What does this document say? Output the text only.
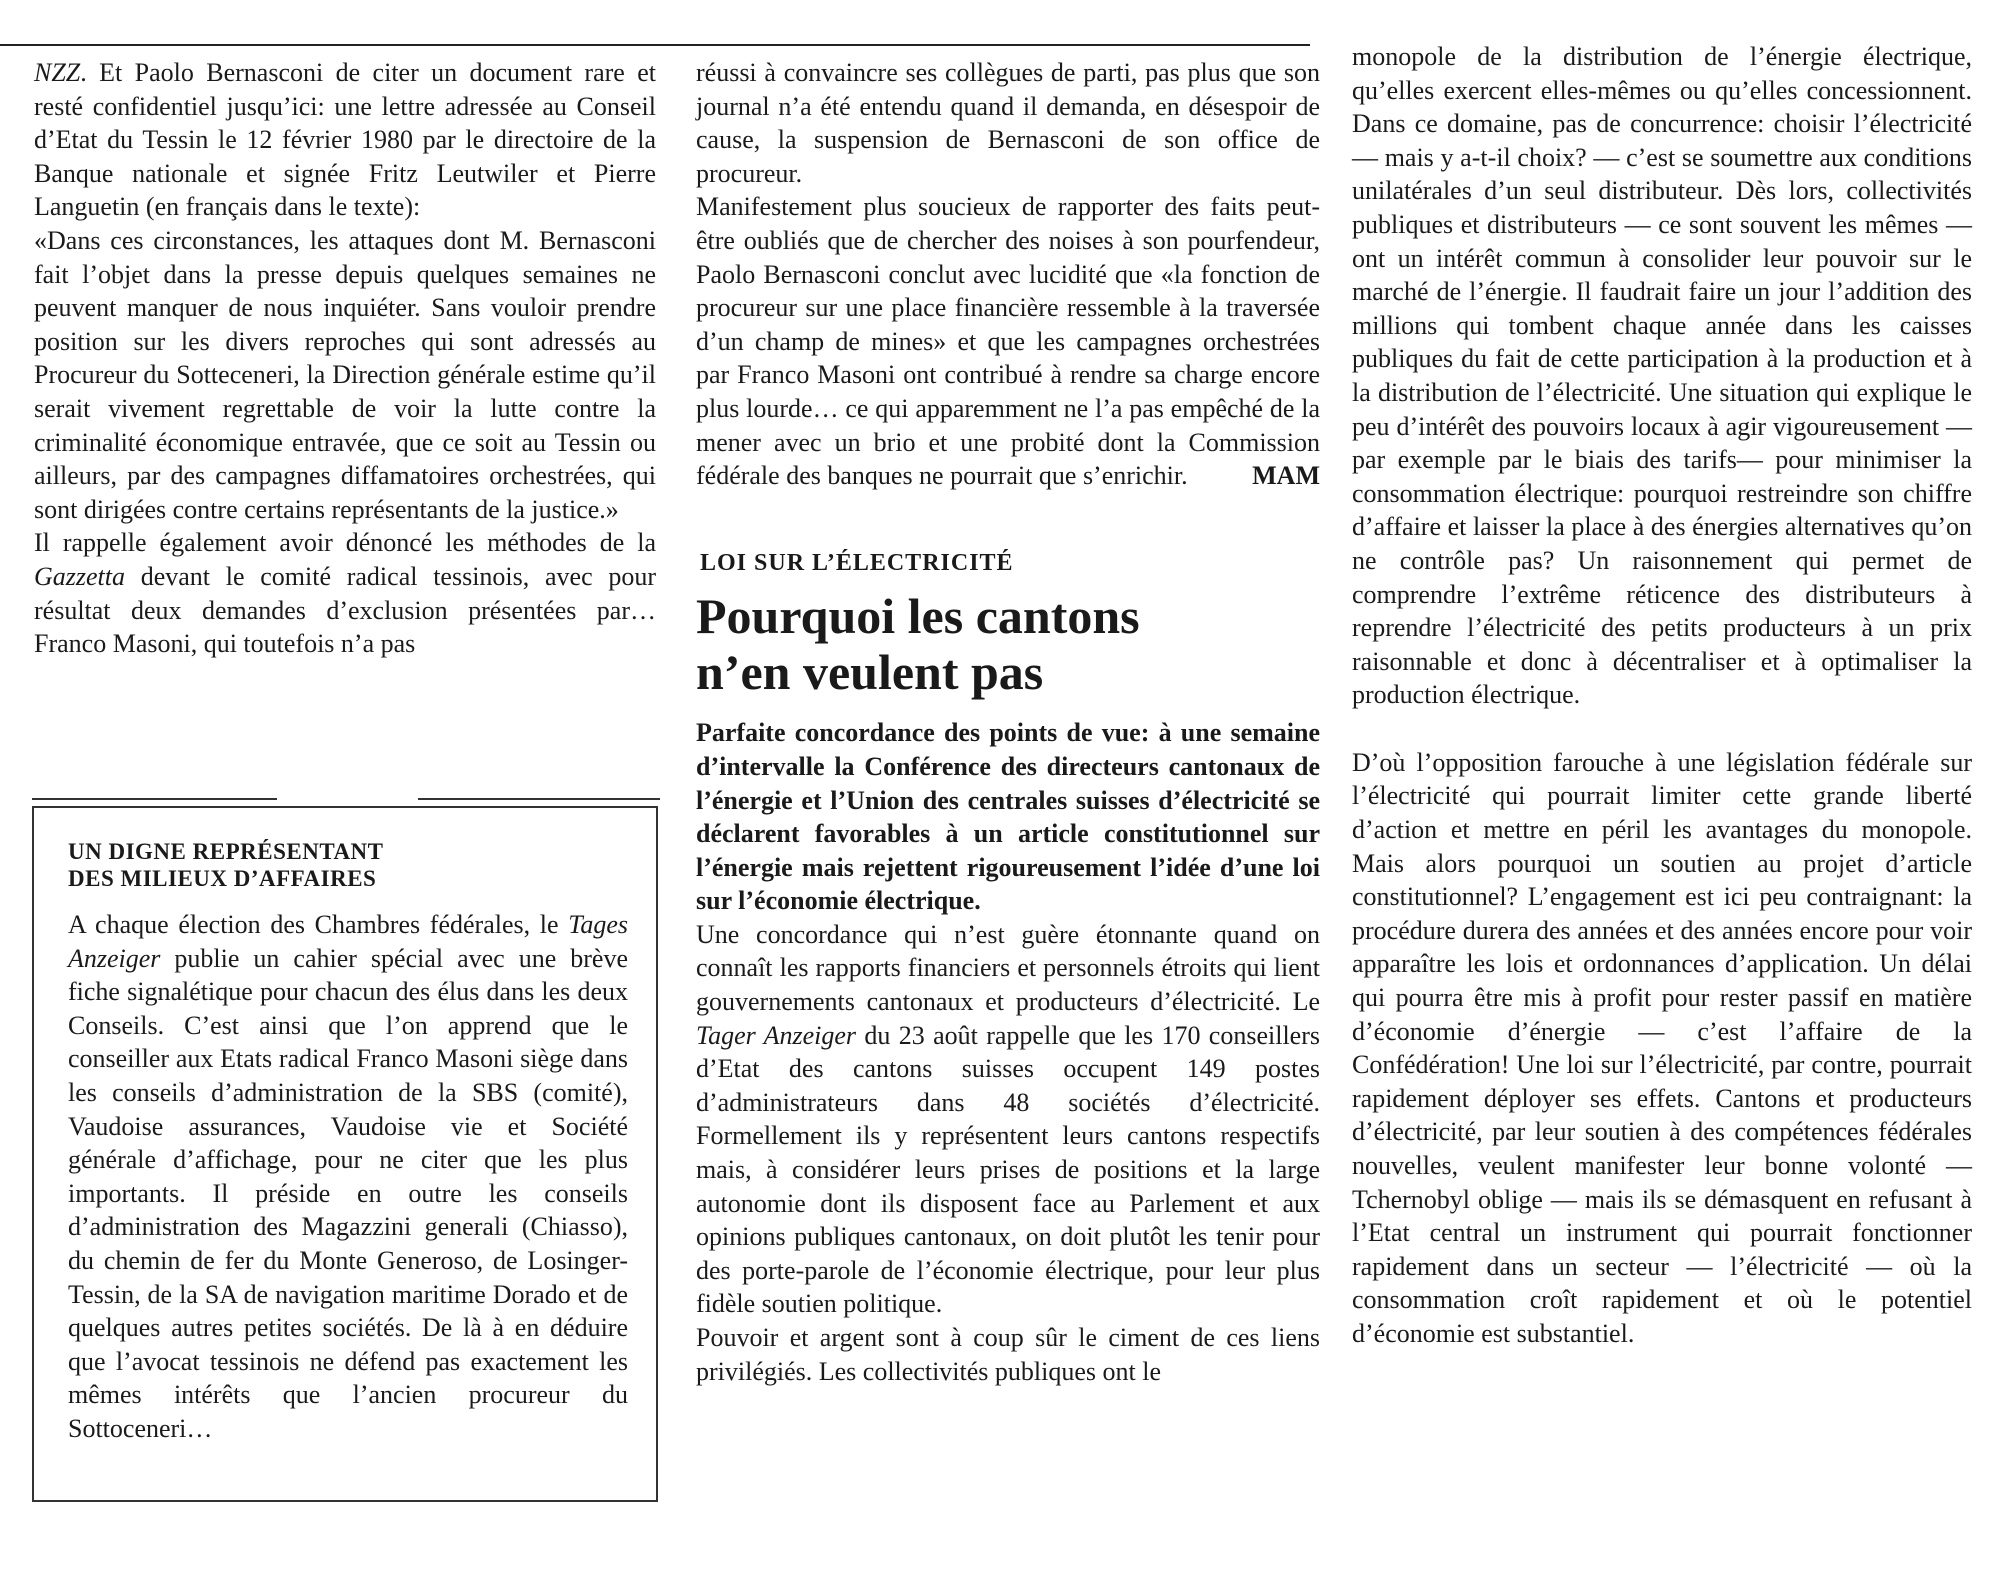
NZZ. Et Paolo Bernasconi de citer un document rare et resté confidentiel jusqu’ici: une lettre adressée au Conseil d’Etat du Tessin le 12 février 1980 par le directoire de la Banque nationale et signée Fritz Leutwiler et Pierre Languetin (en français dans le texte):

«Dans ces circonstances, les attaques dont M. Bernasconi fait l’objet dans la presse depuis quelques semaines ne peuvent manquer de nous inquiéter. Sans vouloir prendre position sur les divers reproches qui sont adressés au Procureur du Sotteceneri, la Direction générale estime qu’il serait vivement regrettable de voir la lutte contre la criminalité économique entravée, que ce soit au Tessin ou ailleurs, par des campagnes diffamatoires orchestrées, qui sont dirigées contre certains représentants de la justice.»

Il rappelle également avoir dénoncé les méthodes de la Gazzetta devant le comité radical tessinois, avec pour résultat deux demandes d’exclusion présentées par… Franco Masoni, qui toutefois n’a pas

UN DIGNE REPRÉSENTANT
DES MILIEUX D’AFFAIRES

A chaque élection des Chambres fédérales, le Tages Anzeiger publie un cahier spécial avec une brève fiche signalétique pour chacun des élus dans les deux Conseils. C’est ainsi que l’on apprend que le conseiller aux Etats radical Franco Masoni siège dans les conseils d’administration de la SBS (comité), Vaudoise assurances, Vaudoise vie et Société générale d’affichage, pour ne citer que les plus importants. Il préside en outre les conseils d’administration des Magazzini generali (Chiasso), du chemin de fer du Monte Generoso, de Losinger-Tessin, de la SA de navigation maritime Dorado et de quelques autres petites sociétés. De là à en déduire que l’avocat tessinois ne défend pas exactement les mêmes intérêts que l’ancien procureur du Sottoceneri…

réussi à convaincre ses collègues de parti, pas plus que son journal n’a été entendu quand il demanda, en désespoir de cause, la suspension de Bernasconi de son office de procureur.

Manifestement plus soucieux de rapporter des faits peut-être oubliés que de chercher des noises à son pourfendeur, Paolo Bernasconi conclut avec lucidité que «la fonction de procureur sur une place financière ressemble à la traversée d’un champ de mines» et que les campagnes orchestrées par Franco Masoni ont contribué à rendre sa charge encore plus lourde… ce qui apparemment ne l’a pas empêché de la mener avec un brio et une probité dont la Commission fédérale des banques ne pourrait que s’enrichir.	MAM
LOI SUR L’ÉLECTRICITÉ
Pourquoi les cantons
n’en veulent pas

Parfaite concordance des points de vue: à une semaine d’intervalle la Conférence des directeurs cantonaux de l’énergie et l’Union des centrales suisses d’électricité se déclarent favorables à un article constitutionnel sur l’énergie mais rejettent rigoureusement l’idée d’une loi sur l’économie électrique.

Une concordance qui n’est guère étonnante quand on connaît les rapports financiers et personnels étroits qui lient gouvernements cantonaux et producteurs d’électricité. Le Tager Anzeiger du 23 août rappelle que les 170 conseillers d’Etat des cantons suisses occupent 149 postes d’administrateurs dans 48 sociétés d’électricité. Formellement ils y représentent leurs cantons respectifs mais, à considérer leurs prises de positions et la large autonomie dont ils disposent face au Parlement et aux opinions publiques cantonaux, on doit plutôt les tenir pour des porte-parole de l’économie électrique, pour leur plus fidèle soutien politique.

Pouvoir et argent sont à coup sûr le ciment de ces liens privilégiés. Les collectivités publiques ont le

monopole de la distribution de l’énergie électrique, qu’elles exercent elles-mêmes ou qu’elles concessionnent. Dans ce domaine, pas de concurrence: choisir l’électricité — mais y a-t-il choix? — c’est se soumettre aux conditions unilatérales d’un seul distributeur. Dès lors, collectivités publiques et distributeurs — ce sont souvent les mêmes — ont un intérêt commun à consolider leur pouvoir sur le marché de l’énergie. Il faudrait faire un jour l’addition des millions qui tombent chaque année dans les caisses publiques du fait de cette participation à la production et à la distribution de l’électricité. Une situation qui explique le peu d’intérêt des pouvoirs locaux à agir vigoureusement — par exemple par le biais des tarifs— pour minimiser la consommation électrique: pourquoi restreindre son chiffre d’affaire et laisser la place à des énergies alternatives qu’on ne contrôle pas? Un raisonnement qui permet de comprendre l’extrême réticence des distributeurs à reprendre l’électricité des petits producteurs à un prix raisonnable et donc à décentraliser et à optimaliser la production électrique.

D’où l’opposition farouche à une législation fédérale sur l’électricité qui pourrait limiter cette grande liberté d’action et mettre en péril les avantages du monopole. Mais alors pourquoi un soutien au projet d’article constitutionnel? L’engagement est ici peu contraignant: la procédure durera des années et des années encore pour voir apparaître les lois et ordonnances d’application. Un délai qui pourra être mis à profit pour rester passif en matière d’économie d’énergie — c’est l’affaire de la Confédération! Une loi sur l’électricité, par contre, pourrait rapidement déployer ses effets. Cantons et producteurs d’électricité, par leur soutien à des compétences fédérales nouvelles, veulent manifester leur bonne volonté — Tchernobyl oblige — mais ils se démasquent en refusant à l’Etat central un instrument qui pourrait fonctionner rapidement dans un secteur — l’électricité — où la consommation croît rapidement et où le potentiel d’économie est substantiel.
